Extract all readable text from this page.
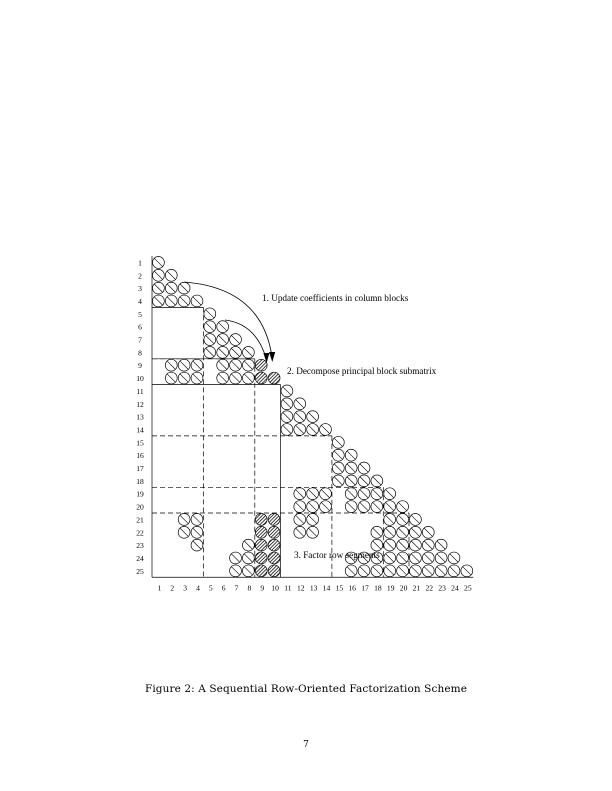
1
2
3
4
5
6
7
8
9
10
11
12
13
14
15
16
17
18
19
20
21
22
23
24
25
1 2 3 4 5 6 7 8 9 10 11 12 13 14 15 16 17 18 19 20 21 22 23 24 25
1. Update coefficients in column blocks
2. Decompose principal block submatrix
3. Factor row segments
Figure 2: A Sequential Row-Oriented Factorization Scheme
7
